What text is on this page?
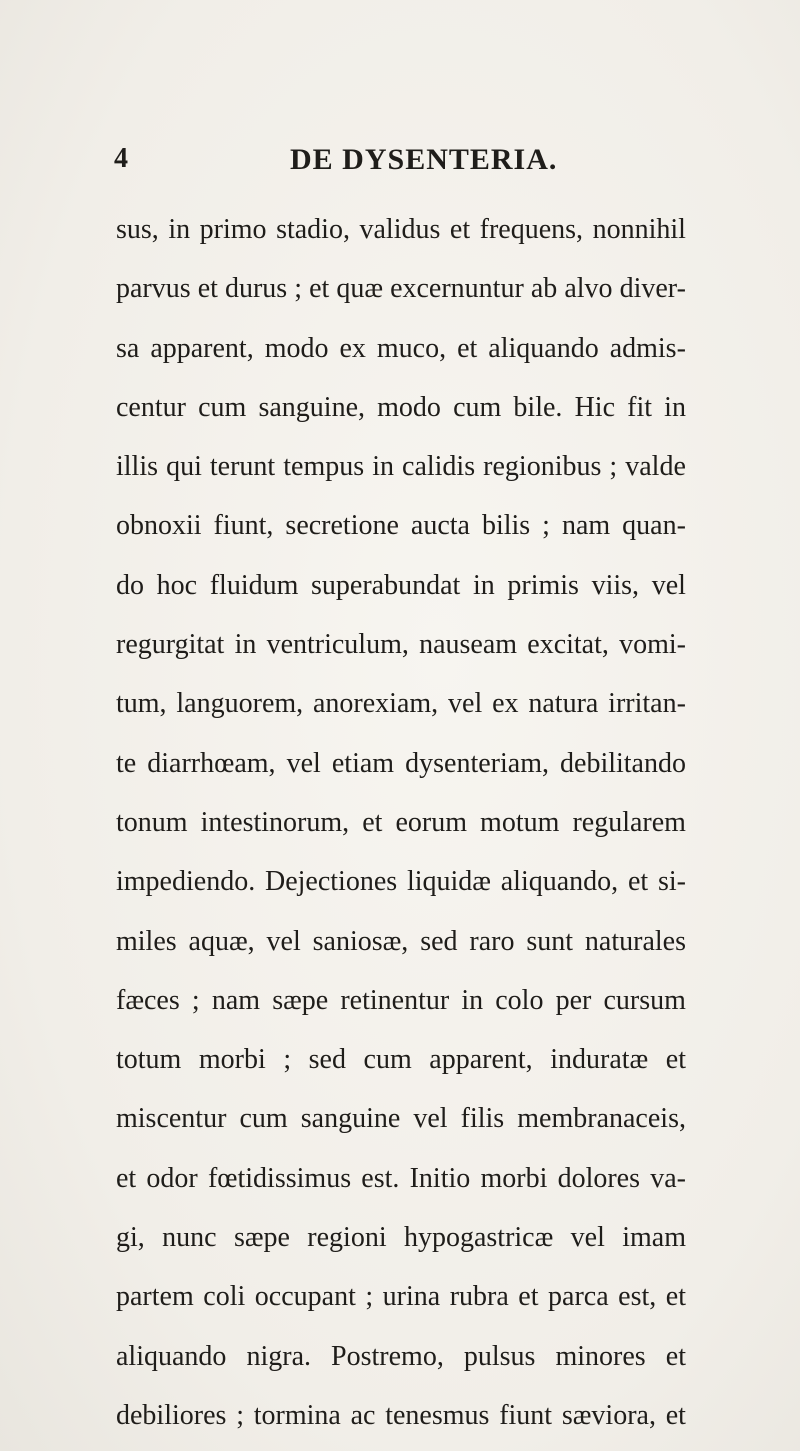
4	DE DYSENTERIA.
sus, in primo stadio, validus et frequens, nonnihil
parvus et durus ; et quæ excernuntur ab alvo diver-
sa apparent, modo ex muco, et aliquando admis-
centur cum sanguine, modo cum bile. Hic fit in
illis qui terunt tempus in calidis regionibus ; valde
obnoxii fiunt, secretione aucta bilis ; nam quan-
do hoc fluidum superabundat in primis viis, vel
regurgitat in ventriculum, nauseam excitat, vomi-
tum, languorem, anorexiam, vel ex natura irritan-
te diarrhœam, vel etiam dysenteriam, debilitando
tonum intestinorum, et eorum motum regularem
impediendo. Dejectiones liquidæ aliquando, et si-
miles aquæ, vel saniosæ, sed raro sunt naturales
fæces ; nam sæpe retinentur in colo per cursum
totum morbi ; sed cum apparent, induratæ et
miscentur cum sanguine vel filis membranaceis,
et odor fœtidissimus est. Initio morbi dolores va-
gi, nunc sæpe regioni hypogastricæ vel imam
partem coli occupant ; urina rubra et parca est, et
aliquando nigra. Postremo, pulsus minores et
debiliores ; tormina ac tenesmus fiunt sæviora, et
